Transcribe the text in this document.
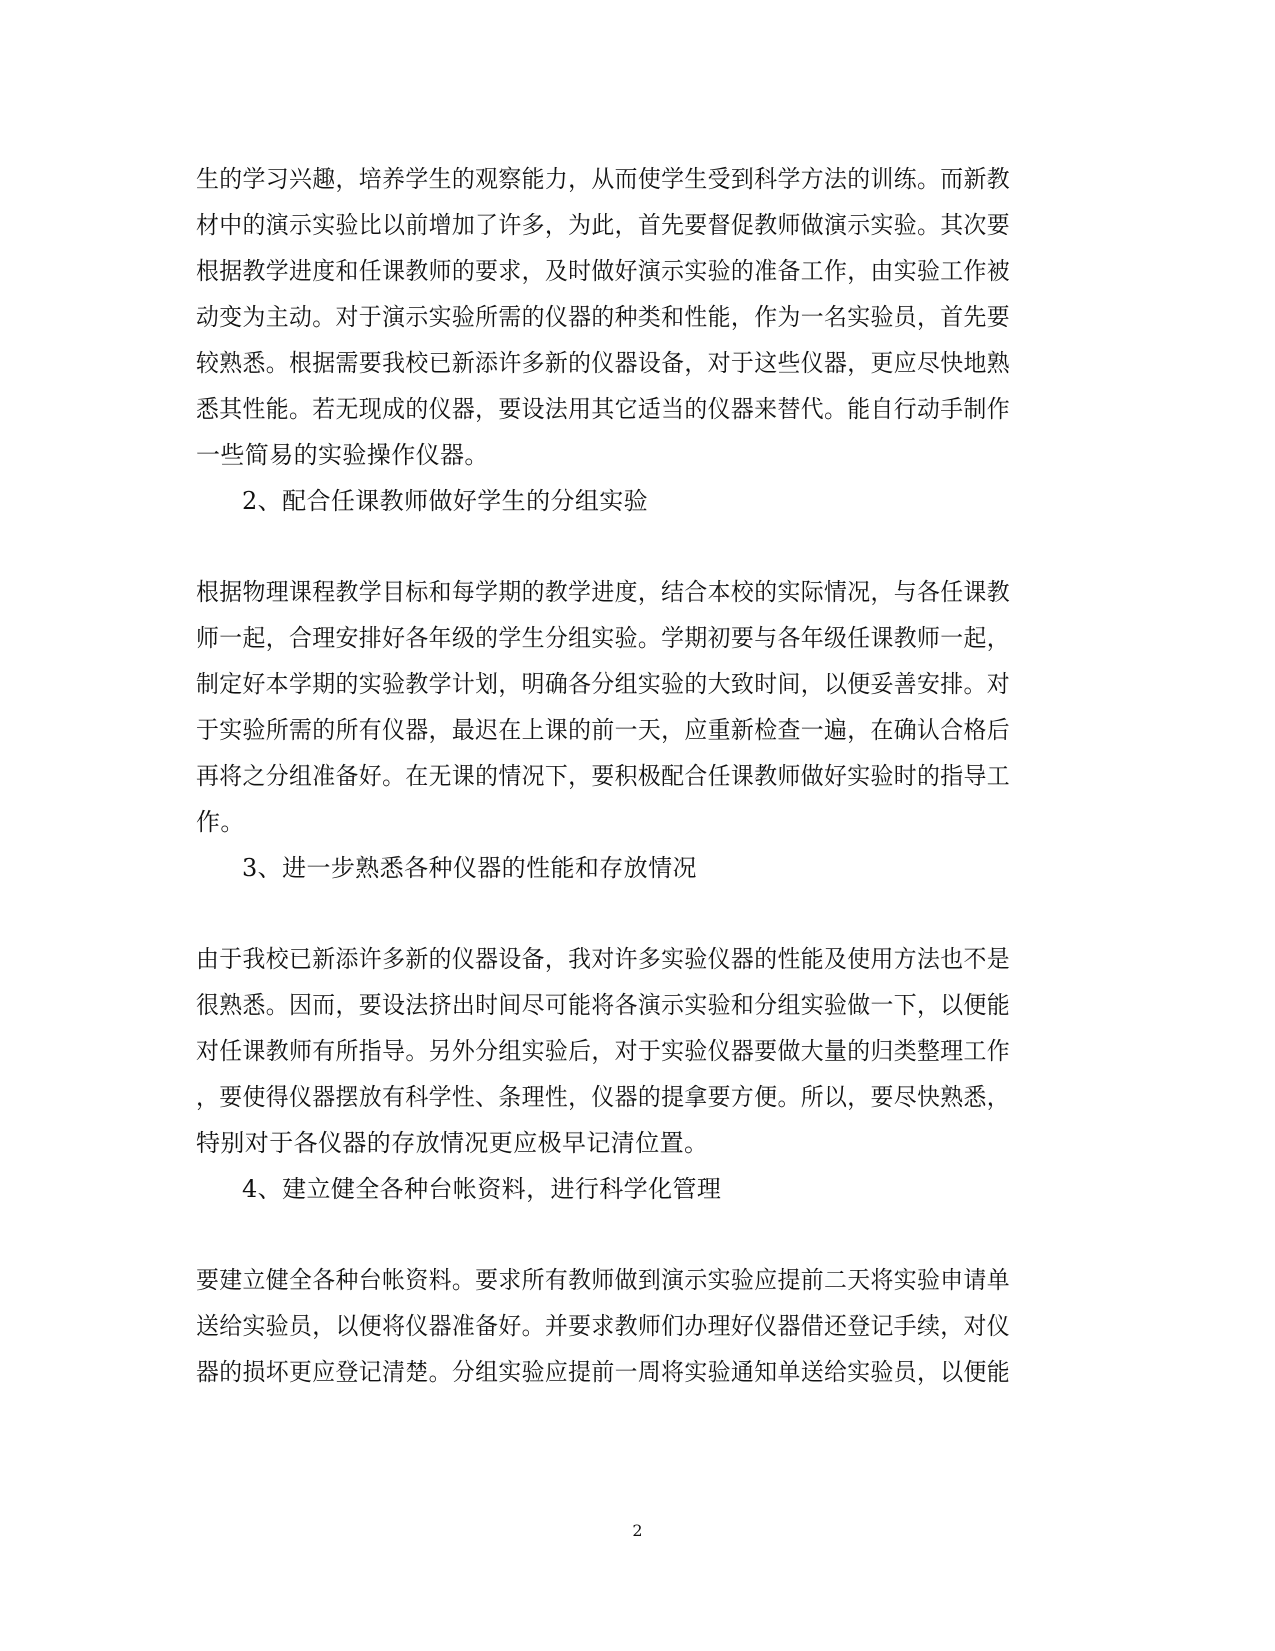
生的学习兴趣，培养学生的观察能力，从而使学生受到科学方法的训练。而新教
材中的演示实验比以前增加了许多，为此，首先要督促教师做演示实验。其次要
根据教学进度和任课教师的要求，及时做好演示实验的准备工作，由实验工作被
动变为主动。对于演示实验所需的仪器的种类和性能，作为一名实验员，首先要
较熟悉。根据需要我校已新添许多新的仪器设备，对于这些仪器，更应尽快地熟
悉其性能。若无现成的仪器，要设法用其它适当的仪器来替代。能自行动手制作
一些简易的实验操作仪器。
2、配合任课教师做好学生的分组实验
根据物理课程教学目标和每学期的教学进度，结合本校的实际情况，与各任课教
师一起，合理安排好各年级的学生分组实验。学期初要与各年级任课教师一起，
制定好本学期的实验教学计划，明确各分组实验的大致时间，以便妥善安排。对
于实验所需的所有仪器，最迟在上课的前一天，应重新检查一遍，在确认合格后
再将之分组准备好。在无课的情况下，要积极配合任课教师做好实验时的指导工
作。
3、进一步熟悉各种仪器的性能和存放情况
由于我校已新添许多新的仪器设备，我对许多实验仪器的性能及使用方法也不是
很熟悉。因而，要设法挤出时间尽可能将各演示实验和分组实验做一下，以便能
对任课教师有所指导。另外分组实验后，对于实验仪器要做大量的归类整理工作
，要使得仪器摆放有科学性、条理性，仪器的提拿要方便。所以，要尽快熟悉，
特别对于各仪器的存放情况更应极早记清位置。
4、建立健全各种台帐资料，进行科学化管理
要建立健全各种台帐资料。要求所有教师做到演示实验应提前二天将实验申请单
送给实验员，以便将仪器准备好。并要求教师们办理好仪器借还登记手续，对仪
器的损坏更应登记清楚。分组实验应提前一周将实验通知单送给实验员，以便能
2
